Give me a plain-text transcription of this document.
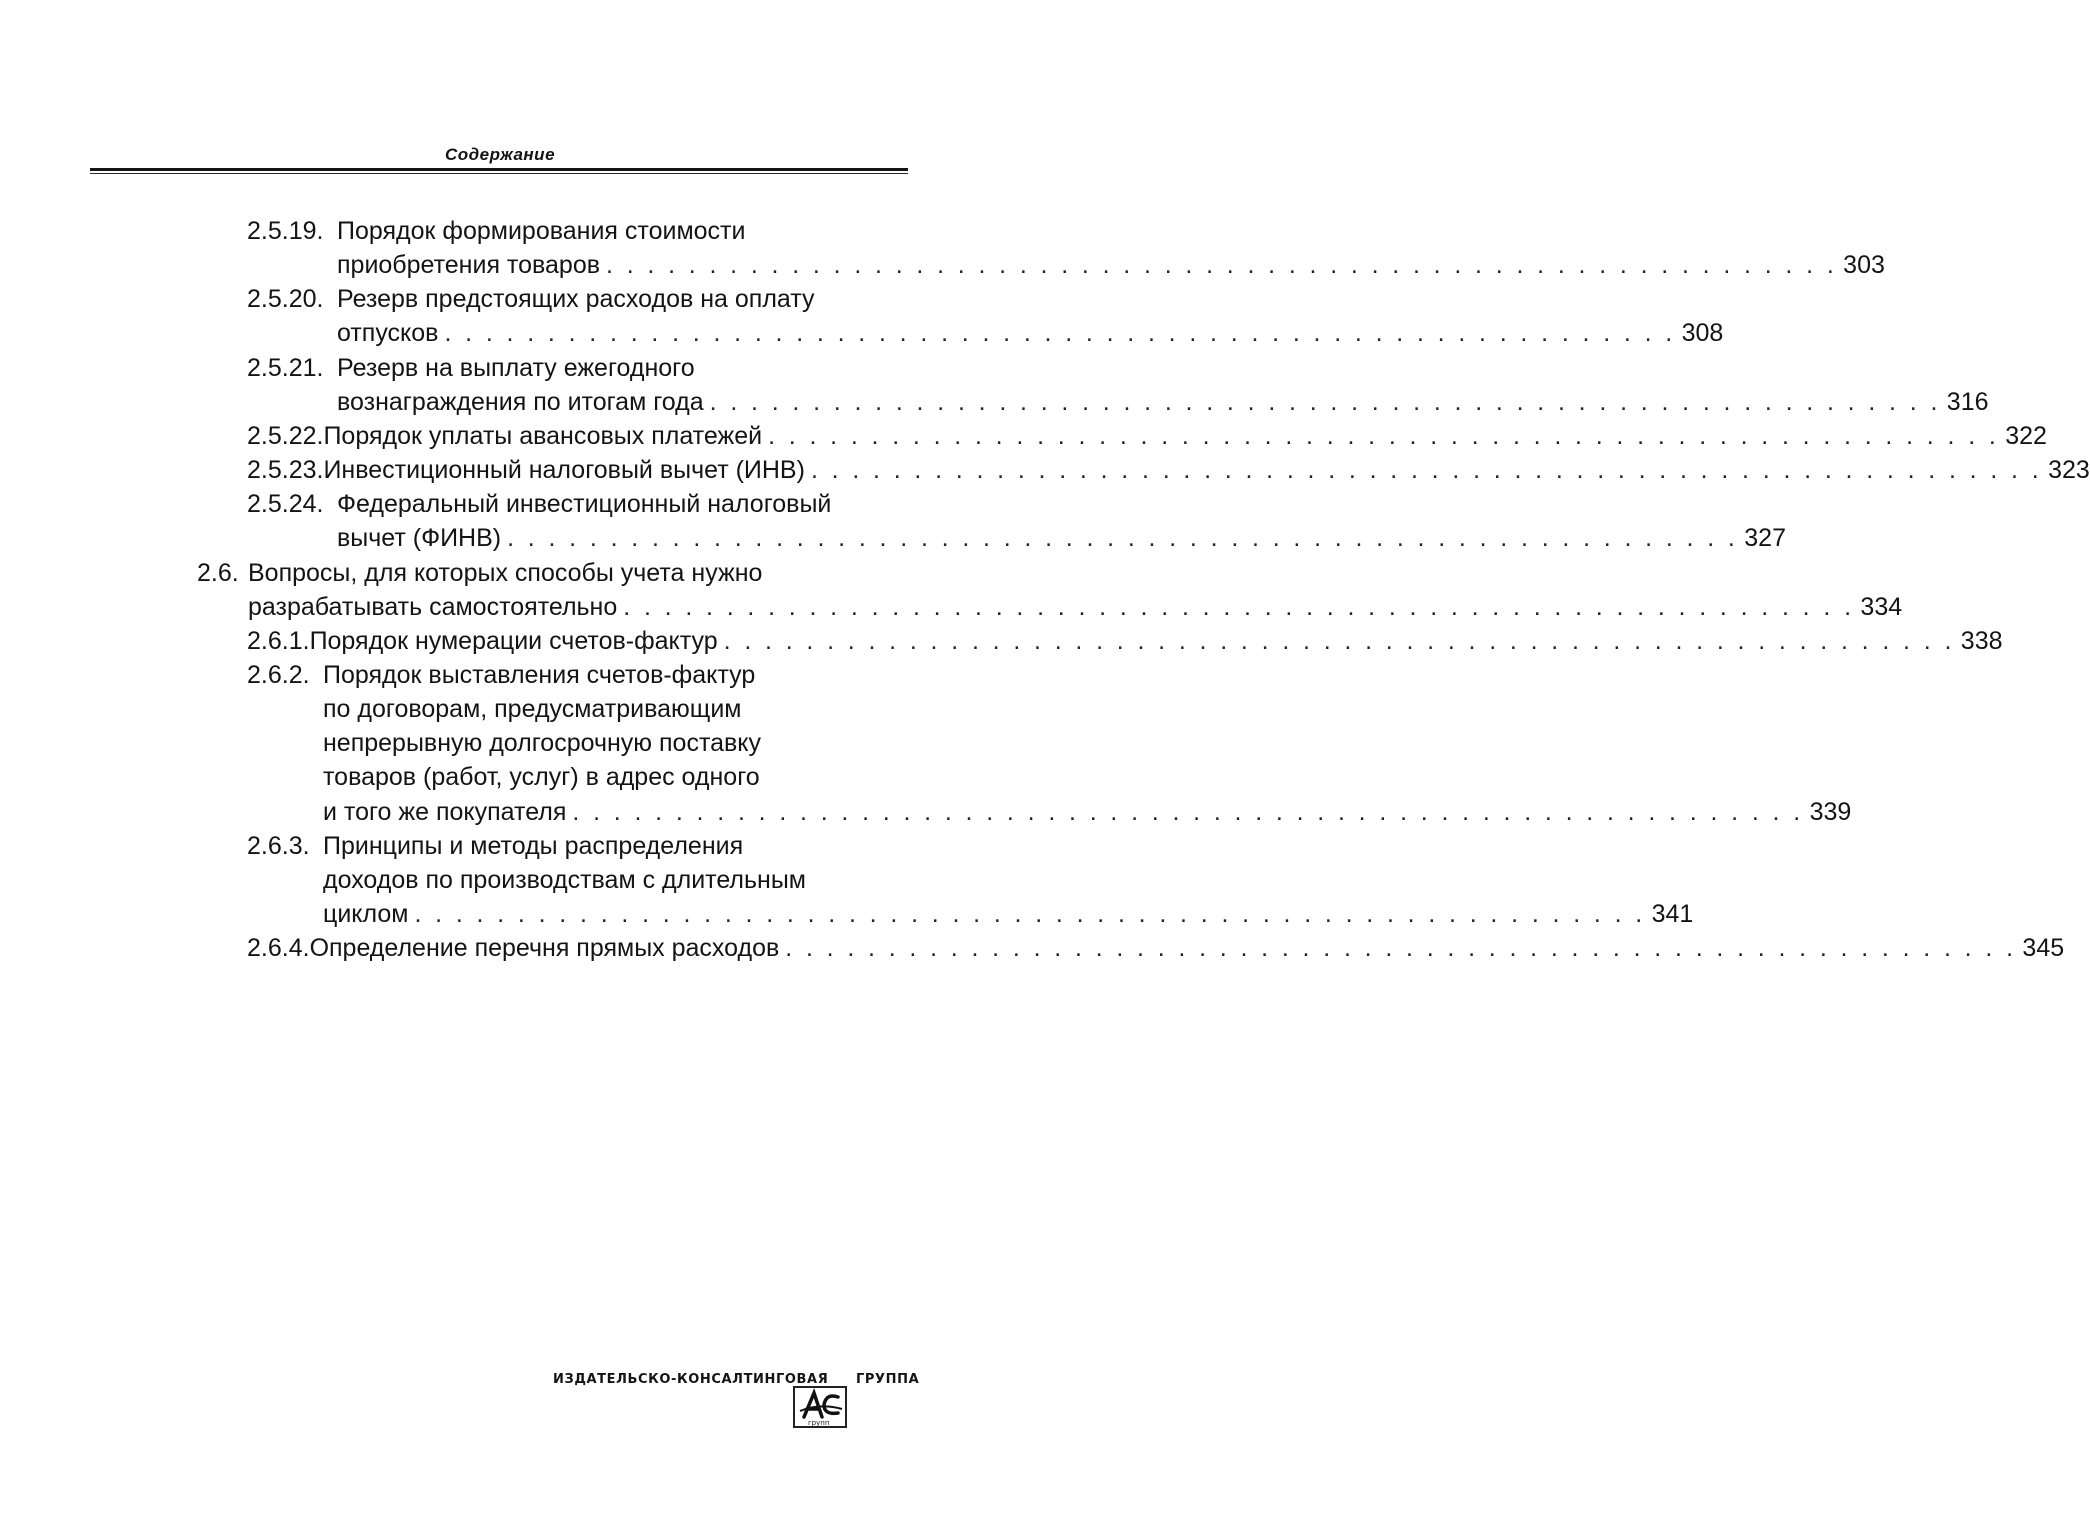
Содержание
2.5.19. Порядок формирования стоимости
приобретения товаров . . . . . . . . . . . . . . . . . . . . . . . . . . . . . . . . . . . . . . . . . . . . . . . . . . . . . . . . . . . . 303
2.5.20. Резерв предстоящих расходов на оплату
отпусков . . . . . . . . . . . . . . . . . . . . . . . . . . . . . . . . . . . . . . . . . . . . . . . . . . . . . . . . . . . . 308
2.5.21. Резерв на выплату ежегодного
вознаграждения по итогам года . . . . . . . . . . . . . . . . . . . . . . . . . . . . . . . . . . . . . . . . . . . . . . . . . . . . . . . . . . . . 316
2.5.22. Порядок уплаты авансовых платежей . . . . . . . . . . . . . . . . . . . . . . . . . . . . . . . . . . . . . . . . . . . . . . . . . . . . . . . . . . . . 322
2.5.23. Инвестиционный налоговый вычет (ИНВ) . . . . . . . . . . . . . . . . . . . . . . . . . . . . . . . . . . . . . . . . . . . . . . . . . . . . . . . . . . . . 323
2.5.24. Федеральный инвестиционный налоговый
вычет (ФИНВ) . . . . . . . . . . . . . . . . . . . . . . . . . . . . . . . . . . . . . . . . . . . . . . . . . . . . . . . . . . . . 327
2.6. Вопросы, для которых способы учета нужно
разрабатывать самостоятельно . . . . . . . . . . . . . . . . . . . . . . . . . . . . . . . . . . . . . . . . . . . . . . . . . . . . . . . . . . . . 334
2.6.1. Порядок нумерации счетов-фактур . . . . . . . . . . . . . . . . . . . . . . . . . . . . . . . . . . . . . . . . . . . . . . . . . . . . . . . . . . . . 338
2.6.2. Порядок выставления счетов-фактур
по договорам, предусматривающим
непрерывную долгосрочную поставку
товаров (работ, услуг) в адрес одного
и того же покупателя . . . . . . . . . . . . . . . . . . . . . . . . . . . . . . . . . . . . . . . . . . . . . . . . . . . . . . . . . . . . 339
2.6.3. Принципы и методы распределения
доходов по производствам с длительным
циклом . . . . . . . . . . . . . . . . . . . . . . . . . . . . . . . . . . . . . . . . . . . . . . . . . . . . . . . . . . . . 341
2.6.4. Определение перечня прямых расходов . . . . . . . . . . . . . . . . . . . . . . . . . . . . . . . . . . . . . . . . . . . . . . . . . . . . . . . . . . . . 345
ИЗДАТЕЛЬСКО-КОНСАЛТИНГОВАЯ
групп
ГРУППА
